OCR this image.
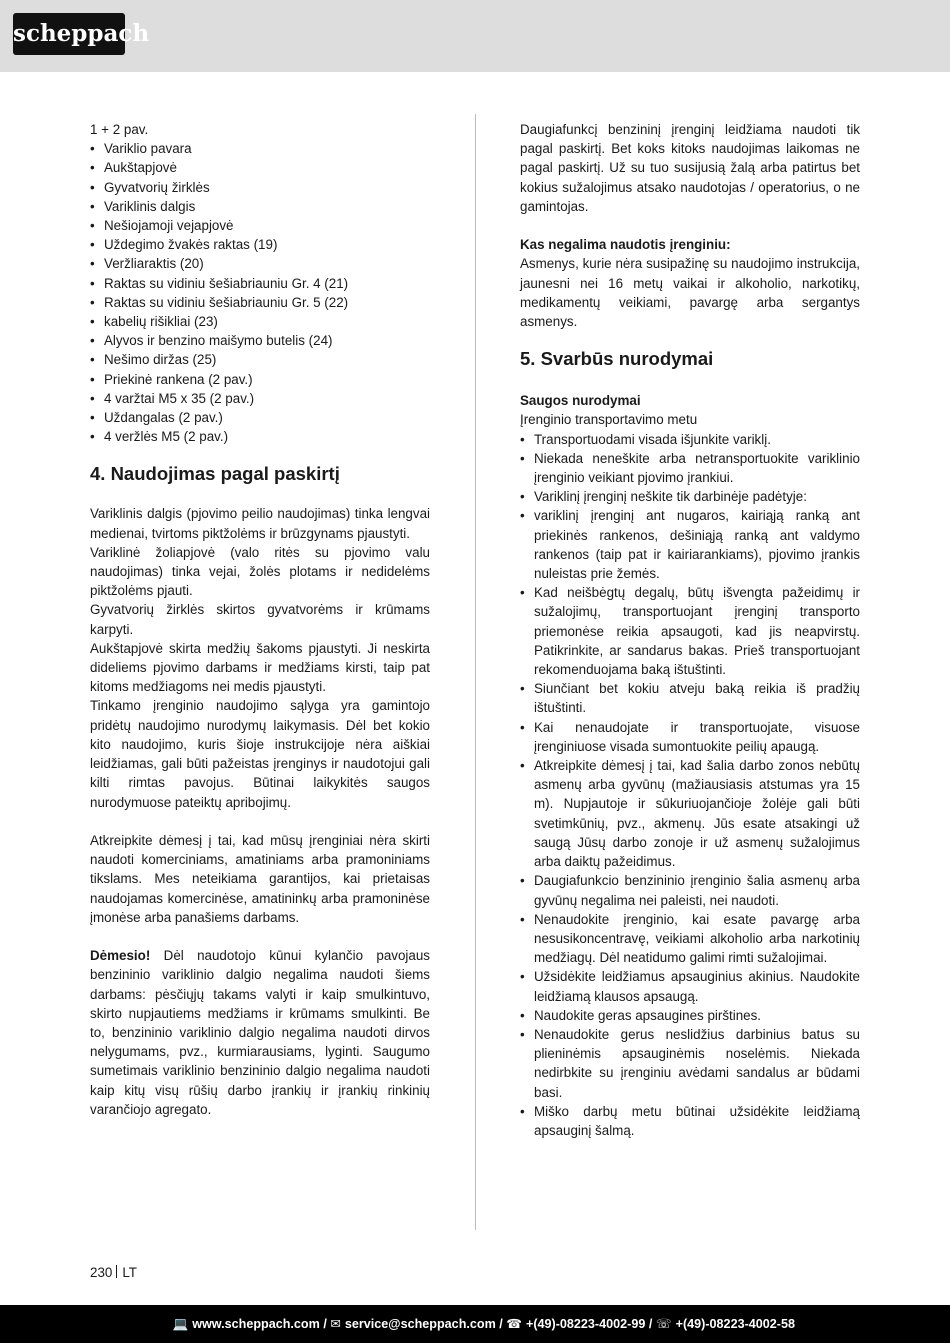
scheppach

1 + 2 pav.

• Variklio pavara
• Aukštapjovė
• Gyvatvorių žirklės
• Variklinis dalgis
• Nešiojamoji vejapjovė
• Uždegimo žvakės raktas (19)
• Veržliaraktis (20)
• Raktas su vidiniu šešiabriauniu Gr. 4 (21)
• Raktas su vidiniu šešiabriauniu Gr. 5 (22)
• kabelių rišikliai (23)
• Alyvos ir benzino maišymo butelis (24)
• Nešimo diržas (25)
• Priekinė rankena (2 pav.)
• 4 varžtai M5 x 35 (2 pav.)
• Uždangalas (2 pav.)
• 4 veržlės M5 (2 pav.)
4. Naudojimas pagal paskirtį

Variklinis dalgis (pjovimo peilio naudojimas) tinka lengvai medienai, tvirtoms piktžolėms ir brūzgynams pjaustyti.

Variklinė žoliapjovė (valo ritės su pjovimo valu naudojimas) tinka vejai, žolės plotams ir nedidelėms piktžolėms pjauti.

Gyvatvorių žirklės skirtos gyvatvorėms ir krūmams karpyti.

Aukštapjovė skirta medžių šakoms pjaustyti. Ji neskirta dideliems pjovimo darbams ir medžiams kirsti, taip pat kitoms medžiagoms nei medis pjaustyti.

Tinkamo įrenginio naudojimo sąlyga yra gamintojo pridėtų naudojimo nurodymų laikymasis. Dėl bet kokio kito naudojimo, kuris šioje instrukcijoje nėra aiškiai leidžiamas, gali būti pažeistas įrenginys ir naudotojui gali kilti rimtas pavojus. Būtinai laikykitės saugos nurodymuose pateiktų apribojimų.

Atkreipkite dėmesį į tai, kad mūsų įrenginiai nėra skirti naudoti komerciniams, amatiniams arba pramoniniams tikslams. Mes neteikiama garantijos, kai prietaisas naudojamas komercinėse, amatininkų arba pramoninėse įmonėse arba panašiems darbams.

Dėmesio! Dėl naudotojo kūnui kylančio pavojaus benzininio variklinio dalgio negalima naudoti šiems darbams: pėsčiųjų takams valyti ir kaip smulkintuvo, skirto nupjautiems medžiams ir krūmams smulkinti. Be to, benzininio variklinio dalgio negalima naudoti dirvos nelygumams, pvz., kurmiarausiams, lyginti. Saugumo sumetimais variklinio benzininio dalgio negalima naudoti kaip kitų visų rūšių darbo įrankių ir įrankių rinkinių varančiojo agregato.

Daugiafunkcį benzininį įrenginį leidžiama naudoti tik pagal paskirtį. Bet koks kitoks naudojimas laikomas ne pagal paskirtį. Už su tuo susijusią žalą arba patirtus bet kokius sužalojimus atsako naudotojas / operatorius, o ne gamintojas.

Kas negalima naudotis įrenginiu:

Asmenys, kurie nėra susipažinę su naudojimo instrukcija, jaunesni nei 16 metų vaikai ir alkoholio, narkotikų, medikamentų veikiami, pavargę arba sergantys asmenys.

5. Svarbūs nurodymai

Saugos nurodymai

Įrenginio transportavimo metu

• Transportuodami visada išjunkite variklį.
• Niekada neneškite arba netransportuokite variklinio įrenginio veikiant pjovimo įrankiui.
• Variklinį įrenginį neškite tik darbinėje padėtyje:
• variklinį įrenginį ant nugaros, kairiąją ranką ant priekinės rankenos, dešiniąją ranką ant valdymo rankenos (taip pat ir kairiarankiams), pjovimo įrankis nuleistas prie žemės.
• Kad neišbėgtų degalų, būtų išvengta pažeidimų ir sužalojimų, transportuojant įrenginį transporto priemonėse reikia apsaugoti, kad jis neapvirstų. Patikrinkite, ar sandarus bakas. Prieš transportuojant rekomenduojama baką ištuštinti.
• Siunčiant bet kokiu atveju baką reikia iš pradžių ištuštinti.
• Kai nenaudojate ir transportuojate, visuose įrenginiuose visada sumontuokite peilių apaugą.
• Atkreipkite dėmesį į tai, kad šalia darbo zonos nebūtų asmenų arba gyvūnų (mažiausiasis atstumas yra 15 m). Nupjautoje ir sūkuriuojančioje žolėje gali būti svetimkūnių, pvz., akmenų. Jūs esate atsakingi už saugą Jūsų darbo zonoje ir už asmenų sužalojimus arba daiktų pažeidimus.
• Daugiafunkcio benzininio įrenginio šalia asmenų arba gyvūnų negalima nei paleisti, nei naudoti.
• Nenaudokite įrenginio, kai esate pavargę arba nesusikoncentravę, veikiami alkoholio arba narkotinių medžiagų. Dėl neatidumo galimi rimti sužalojimai.
• Užsidėkite leidžiamus apsauginius akinius. Naudokite leidžiamą klausos apsaugą.
• Naudokite geras apsaugines pirštines.
• Nenaudokite gerus neslidžius darbinius batus su plieninėmis apsauginėmis noselėmis. Niekada nedirbkite su įrenginiu avėdami sandalus ar būdami basi.
• Miško darbų metu būtinai užsidėkite leidžiamą apsauginį šalmą.
230 LT
💻 www.scheppach.com / ✉ service@scheppach.com / ☎ +(49)-08223-4002-99 / ☏ +(49)-08223-4002-58
